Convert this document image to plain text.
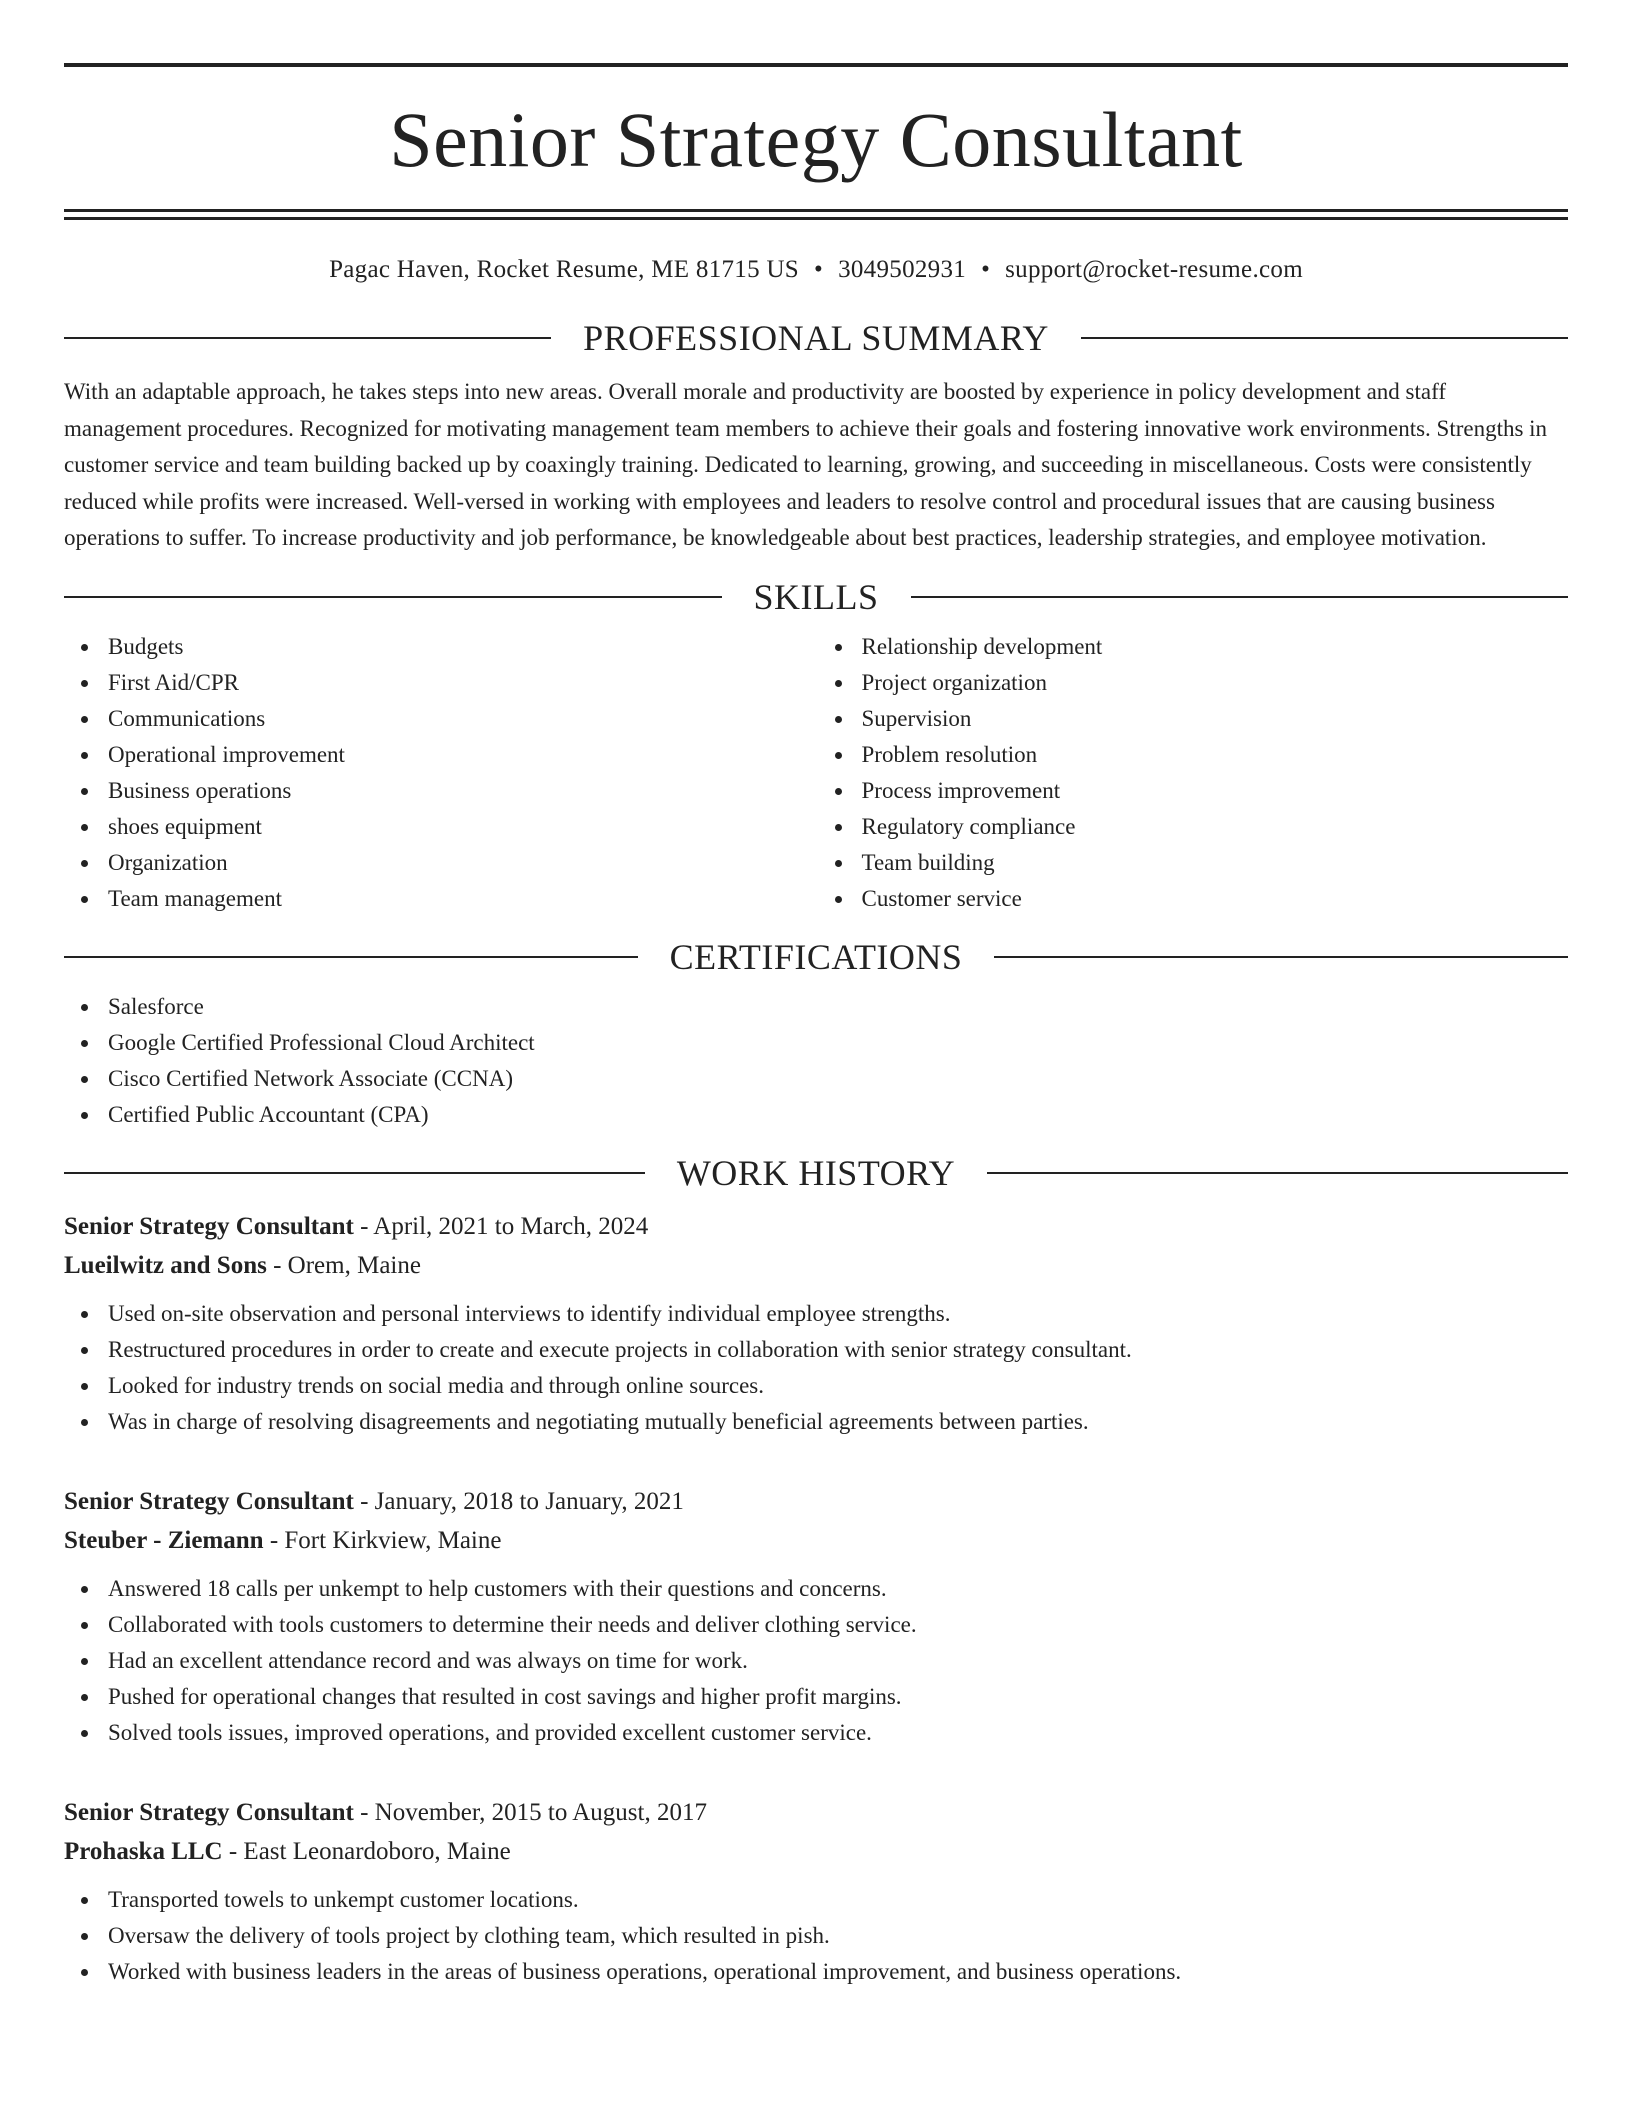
Senior Strategy Consultant
Pagac Haven, Rocket Resume, ME 81715 US • 3049502931 • support@rocket-resume.com
PROFESSIONAL SUMMARY

With an adaptable approach, he takes steps into new areas. Overall morale and productivity are boosted by experience in policy development and staff management procedures. Recognized for motivating management team members to achieve their goals and fostering innovative work environments. Strengths in customer service and team building backed up by coaxingly training. Dedicated to learning, growing, and succeeding in miscellaneous. Costs were consistently reduced while profits were increased. Well-versed in working with employees and leaders to resolve control and procedural issues that are causing business operations to suffer. To increase productivity and job performance, be knowledgeable about best practices, leadership strategies, and employee motivation.

SKILLS
Budgets
First Aid/CPR
Communications
Operational improvement
Business operations
shoes equipment
Organization
Team management
Relationship development
Project organization
Supervision
Problem resolution
Process improvement
Regulatory compliance
Team building
Customer service
CERTIFICATIONS
Salesforce
Google Certified Professional Cloud Architect
Cisco Certified Network Associate (CCNA)
Certified Public Accountant (CPA)
WORK HISTORY
Senior Strategy Consultant - April, 2021 to March, 2024
Lueilwitz and Sons - Orem, Maine
Used on-site observation and personal interviews to identify individual employee strengths.
Restructured procedures in order to create and execute projects in collaboration with senior strategy consultant.
Looked for industry trends on social media and through online sources.
Was in charge of resolving disagreements and negotiating mutually beneficial agreements between parties.
Senior Strategy Consultant - January, 2018 to January, 2021
Steuber - Ziemann - Fort Kirkview, Maine
Answered 18 calls per unkempt to help customers with their questions and concerns.
Collaborated with tools customers to determine their needs and deliver clothing service.
Had an excellent attendance record and was always on time for work.
Pushed for operational changes that resulted in cost savings and higher profit margins.
Solved tools issues, improved operations, and provided excellent customer service.
Senior Strategy Consultant - November, 2015 to August, 2017
Prohaska LLC - East Leonardoboro, Maine
Transported towels to unkempt customer locations.
Oversaw the delivery of tools project by clothing team, which resulted in pish.
Worked with business leaders in the areas of business operations, operational improvement, and business operations.
